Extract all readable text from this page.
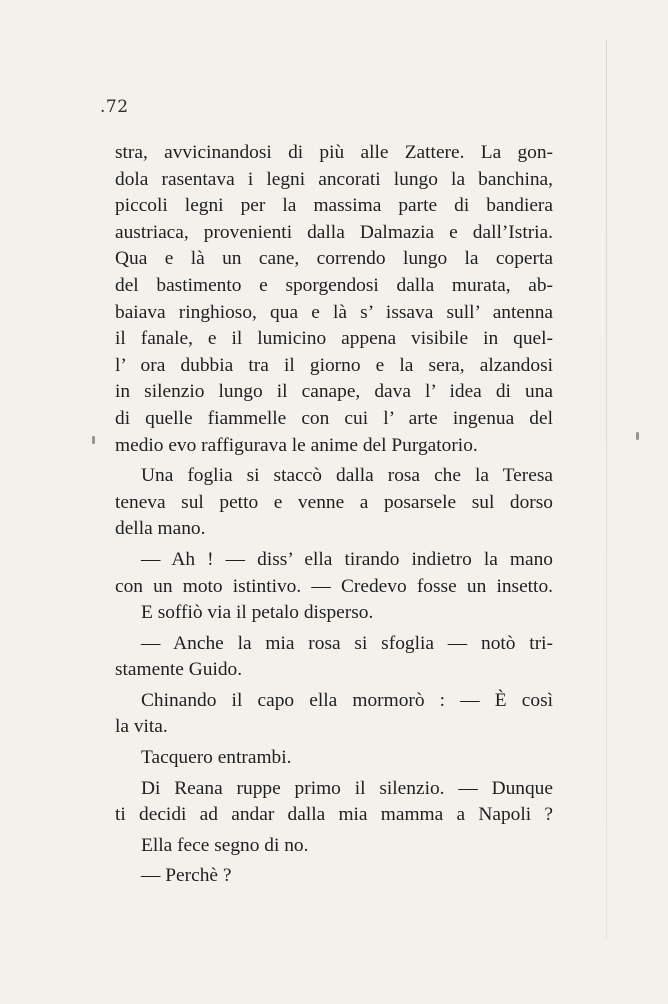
.72
stra, avvicinandosi di più alle Zattere. La gon-
dola rasentava i legni ancorati lungo la banchina,
piccoli legni per la massima parte di bandiera
austriaca, provenienti dalla Dalmazia e dall’Istria.
Qua e là un cane, correndo lungo la coperta
del bastimento e sporgendosi dalla murata, ab-
baiava ringhioso, qua e là s’ issava sull’ antenna
il fanale, e il lumicino appena visibile in quel-
l’ ora dubbia tra il giorno e la sera, alzandosi
in silenzio lungo il canape, dava l’ idea di una
di quelle fiammelle con cui l’ arte ingenua del
medio evo raffigurava le anime del Purgatorio.
Una foglia si staccò dalla rosa che la Teresa
teneva sul petto e venne a posarsele sul dorso
della mano.
— Ah ! — diss’ ella tirando indietro la mano
con un moto istintivo. — Credevo fosse un insetto.
E soffiò via il petalo disperso.
— Anche la mia rosa si sfoglia — notò tri-
stamente Guido.
Chinando il capo ella mormorò : — È così
la vita.
Tacquero entrambi.
Di Reana ruppe primo il silenzio. — Dunque
ti decidi ad andar dalla mia mamma a Napoli ?
Ella fece segno di no.
— Perchè ?
